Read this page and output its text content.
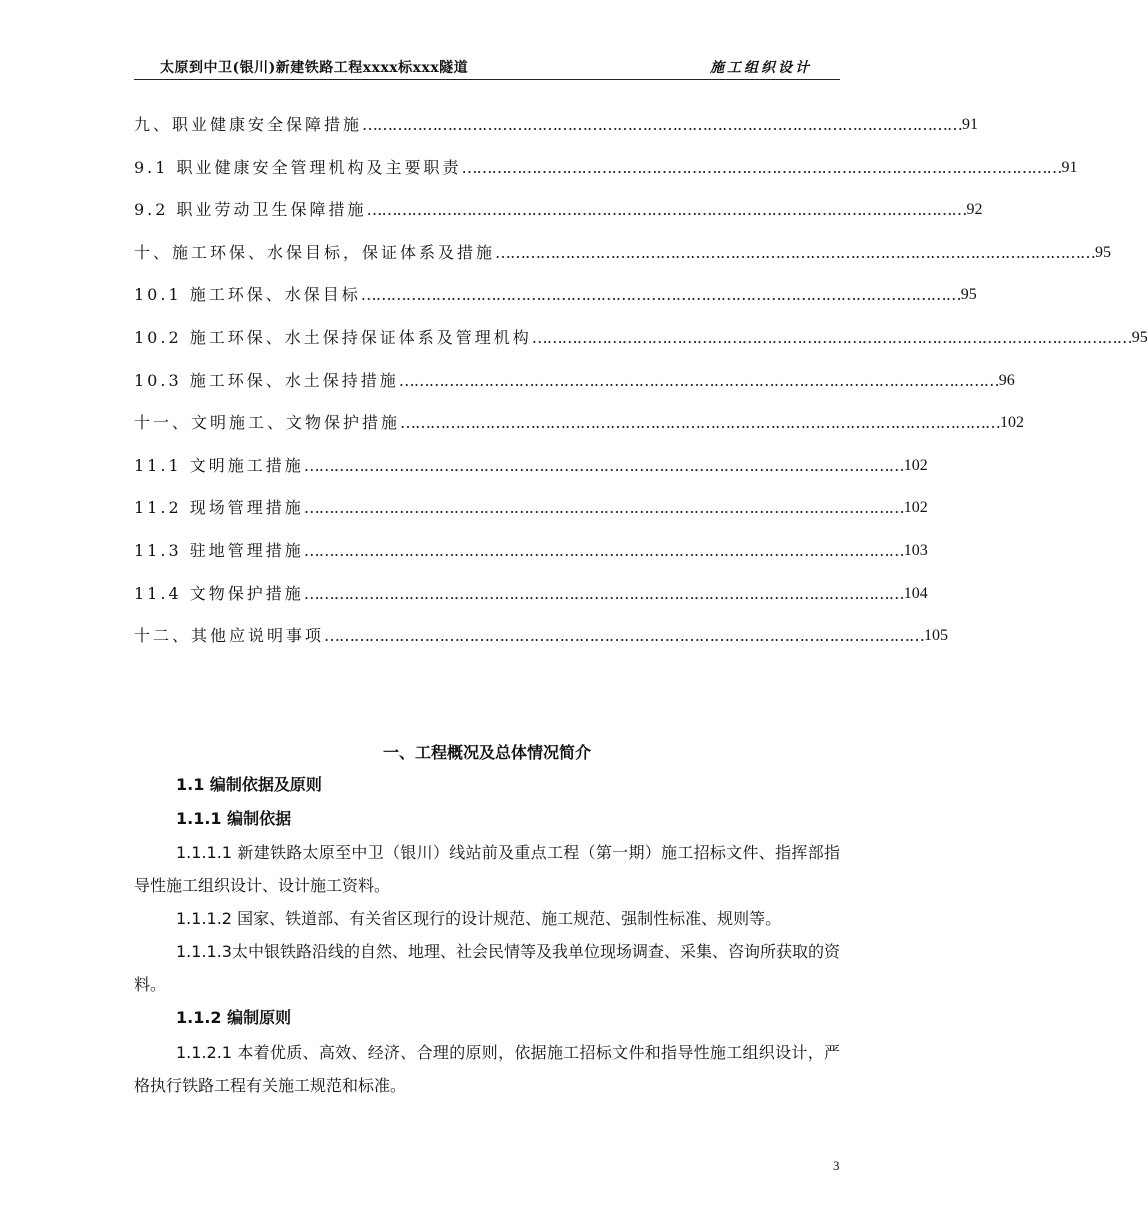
太原到中卫(银川)新建铁路工程xxxx标xxx隧道	施工组织设计
九、职业健康安全保障措施 ………………………………………………………………………………………………………… 91
9.1 职业健康安全管理机构及主要职责 ………………………………………………………………………………………………………… 91
9.2 职业劳动卫生保障措施 ………………………………………………………………………………………………………… 92
十、施工环保、水保目标，保证体系及措施 ………………………………………………………………………………………………………… 95
10.1 施工环保、水保目标 ………………………………………………………………………………………………………… 95
10.2 施工环保、水土保持保证体系及管理机构 ………………………………………………………………………………………………………… 95
10.3 施工环保、水土保持措施 ………………………………………………………………………………………………………… 96
十一、文明施工、文物保护措施 ………………………………………………………………………………………………………… 102
11.1 文明施工措施 ………………………………………………………………………………………………………… 102
11.2 现场管理措施 ………………………………………………………………………………………………………… 102
11.3 驻地管理措施 ………………………………………………………………………………………………………… 103
11.4 文物保护措施 ………………………………………………………………………………………………………… 104
十二、其他应说明事项 ………………………………………………………………………………………………………… 105
一、工程概况及总体情况简介
1.1 编制依据及原则
1.1.1 编制依据
1.1.1.1 新建铁路太原至中卫（银川）线站前及重点工程（第一期）施工招标文件、指挥部指导性施工组织设计、设计施工资料。
1.1.1.2 国家、铁道部、有关省区现行的设计规范、施工规范、强制性标准、规则等。
1.1.1.3太中银铁路沿线的自然、地理、社会民情等及我单位现场调查、采集、咨询所获取的资料。
1.1.2 编制原则
1.1.2.1 本着优质、高效、经济、合理的原则，依据施工招标文件和指导性施工组织设计，严格执行铁路工程有关施工规范和标准。
3
